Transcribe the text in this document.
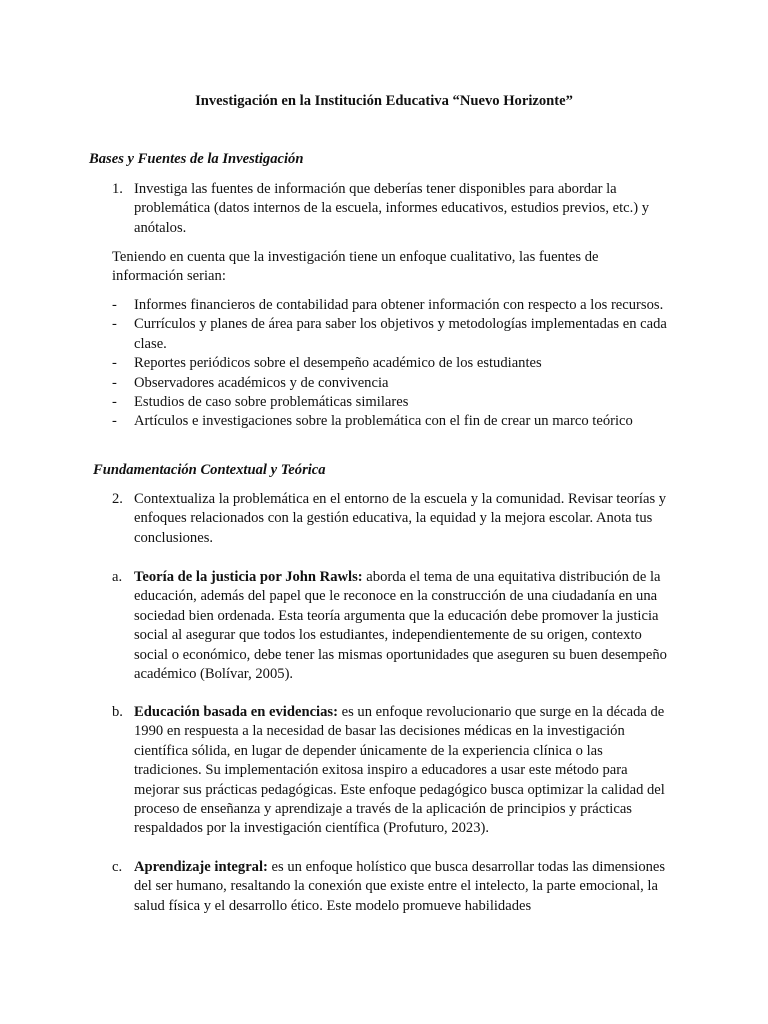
Investigación en la Institución Educativa “Nuevo Horizonte”

Bases y Fuentes de la Investigación

1. Investiga las fuentes de información que deberías tener disponibles para abordar la problemática (datos internos de la escuela, informes educativos, estudios previos, etc.) y anótalos.

Teniendo en cuenta que la investigación tiene un enfoque cualitativo, las fuentes de información serian:

- Informes financieros de contabilidad para obtener información con respecto a los recursos.
- Currículos y planes de área para saber los objetivos y metodologías implementadas en cada clase.
- Reportes periódicos sobre el desempeño académico de los estudiantes
- Observadores académicos y de convivencia
- Estudios de caso sobre problemáticas similares
- Artículos e investigaciones sobre la problemática con el fin de crear un marco teórico

Fundamentación Contextual y Teórica

2. Contextualiza la problemática en el entorno de la escuela y la comunidad. Revisar teorías y enfoques relacionados con la gestión educativa, la equidad y la mejora escolar. Anota tus conclusiones.
a. Teoría de la justicia por John Rawls: aborda el tema de una equitativa distribución de la educación, además del papel que le reconoce en la construcción de una ciudadanía en una sociedad bien ordenada. Esta teoría argumenta que la educación debe promover la justicia social al asegurar que todos los estudiantes, independientemente de su origen, contexto social o económico, debe tener las mismas oportunidades que aseguren su buen desempeño académico (Bolívar, 2005).
b. Educación basada en evidencias: es un enfoque revolucionario que surge en la década de 1990 en respuesta a la necesidad de basar las decisiones médicas en la investigación científica sólida, en lugar de depender únicamente de la experiencia clínica o las tradiciones. Su implementación exitosa inspiro a educadores a usar este método para mejorar sus prácticas pedagógicas. Este enfoque pedagógico busca optimizar la calidad del proceso de enseñanza y aprendizaje a través de la aplicación de principios y prácticas respaldados por la investigación científica (Profuturo, 2023).
c. Aprendizaje integral: es un enfoque holístico que busca desarrollar todas las dimensiones del ser humano, resaltando la conexión que existe entre el intelecto, la parte emocional, la salud física y el desarrollo ético. Este modelo promueve habilidades
